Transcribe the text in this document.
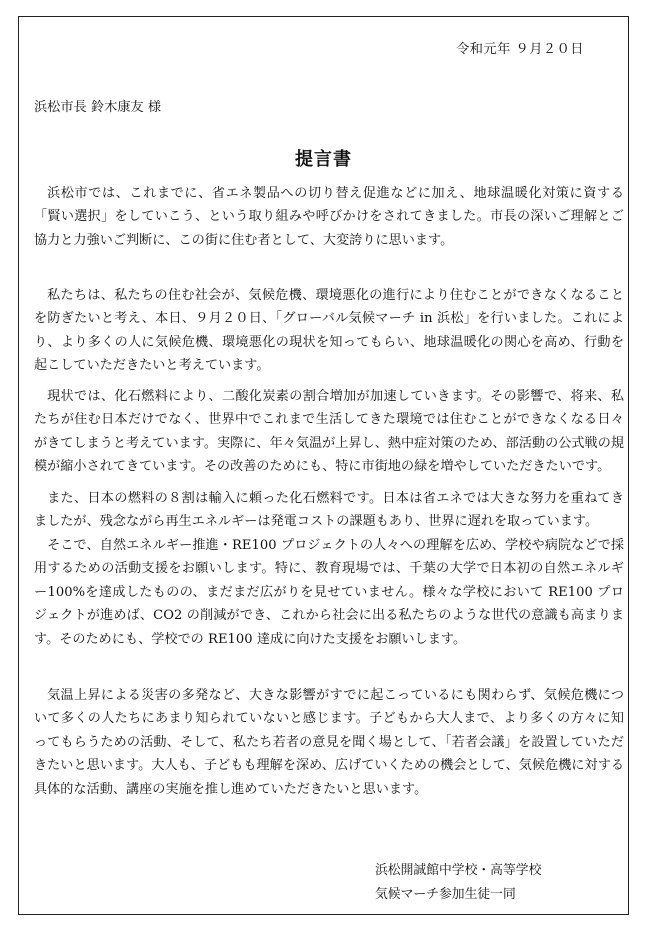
令和元年 ９月２０日
浜松市長 鈴木康友 様
提言書

浜松市では、これまでに、省エネ製品への切り替え促進などに加え、地球温暖化対策に資する「賢い選択」をしていこう、という取り組みや呼びかけをされてきました。市長の深いご理解とご協力と力強いご判断に、この街に住む者として、大変誇りに思います。

私たちは、私たちの住む社会が、気候危機、環境悪化の進行により住むことができなくなることを防ぎたいと考え、本日、９月２０日、「グローバル気候マーチ in 浜松」を行いました。これにより、より多くの人に気候危機、環境悪化の現状を知ってもらい、地球温暖化の関心を高め、行動を起こしていただきたいと考えています。

現状では、化石燃料により、二酸化炭素の割合増加が加速していきます。その影響で、将来、私たちが住む日本だけでなく、世界中でこれまで生活してきた環境では住むことができなくなる日々がきてしまうと考えています。実際に、年々気温が上昇し、熱中症対策のため、部活動の公式戦の規模が縮小されてきています。その改善のためにも、特に市街地の緑を増やしていただきたいです。

また、日本の燃料の８割は輸入に頼った化石燃料です。日本は省エネでは大きな努力を重ねてきましたが、残念ながら再生エネルギーは発電コストの課題もあり、世界に遅れを取っています。

そこで、自然エネルギー推進・RE100 プロジェクトの人々への理解を広め、学校や病院などで採用するための活動支援をお願いします。特に、教育現場では、千葉の大学で日本初の自然エネルギー100%を達成したものの、まだまだ広がりを見せていません。様々な学校において RE100 プロジェクトが進めば、CO2 の削減ができ、これから社会に出る私たちのような世代の意識も高まります。そのためにも、学校での RE100 達成に向けた支援をお願いします。

気温上昇による災害の多発など、大きな影響がすでに起こっているにも関わらず、気候危機について多くの人たちにあまり知られていないと感じます。子どもから大人まで、より多くの方々に知ってもらうための活動、そして、私たち若者の意見を聞く場として、「若者会議」を設置していただきたいと思います。大人も、子どもも理解を深め、広げていくための機会として、気候危機に対する具体的な活動、講座の実施を推し進めていただきたいと思います。

浜松開誠館中学校・高等学校
気候マーチ参加生徒一同
